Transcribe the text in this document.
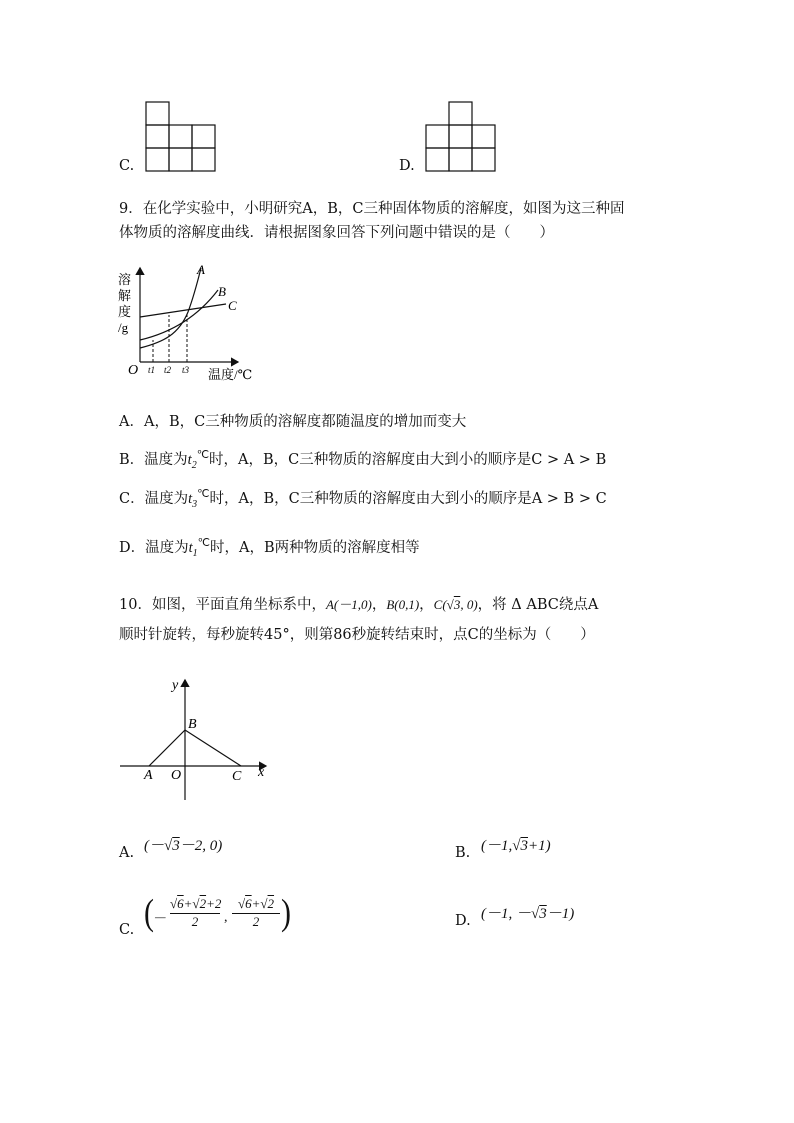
C.	D.
9．在化学实验中，小明研究A，B，C三种固体物质的溶解度，如图为这三种固
体物质的溶解度曲线．请根据图象回答下列问题中错误的是（　　）
溶
解
度
/g
A
B
C
O t1 t2 t3 温度/℃
A．A，B，C三种物质的溶解度都随温度的增加而变大
B．温度为$t_2^℃$时，A，B，C三种物质的溶解度由大到小的顺序是C > A > B
C．温度为$t_3^℃$时，A，B，C三种物质的溶解度由大到小的顺序是A > B > C
D．温度为$t_1^℃$时，A，B两种物质的溶解度相等
10．如图，平面直角坐标系中，A(－1,0)，B(0,1)，C(√3, 0)，将 Δ ABC绕点A
顺时针旋转，每秒旋转45°，则第86秒旋转结束时，点C的坐标为（　　）
y
x
B
A O	C
A. (－√3－2, 0)	B. (－1,√3+1)
C. (
－
√6+√2+2
2	,
√6+√2
2 )	D. (－1, －√3－1)
